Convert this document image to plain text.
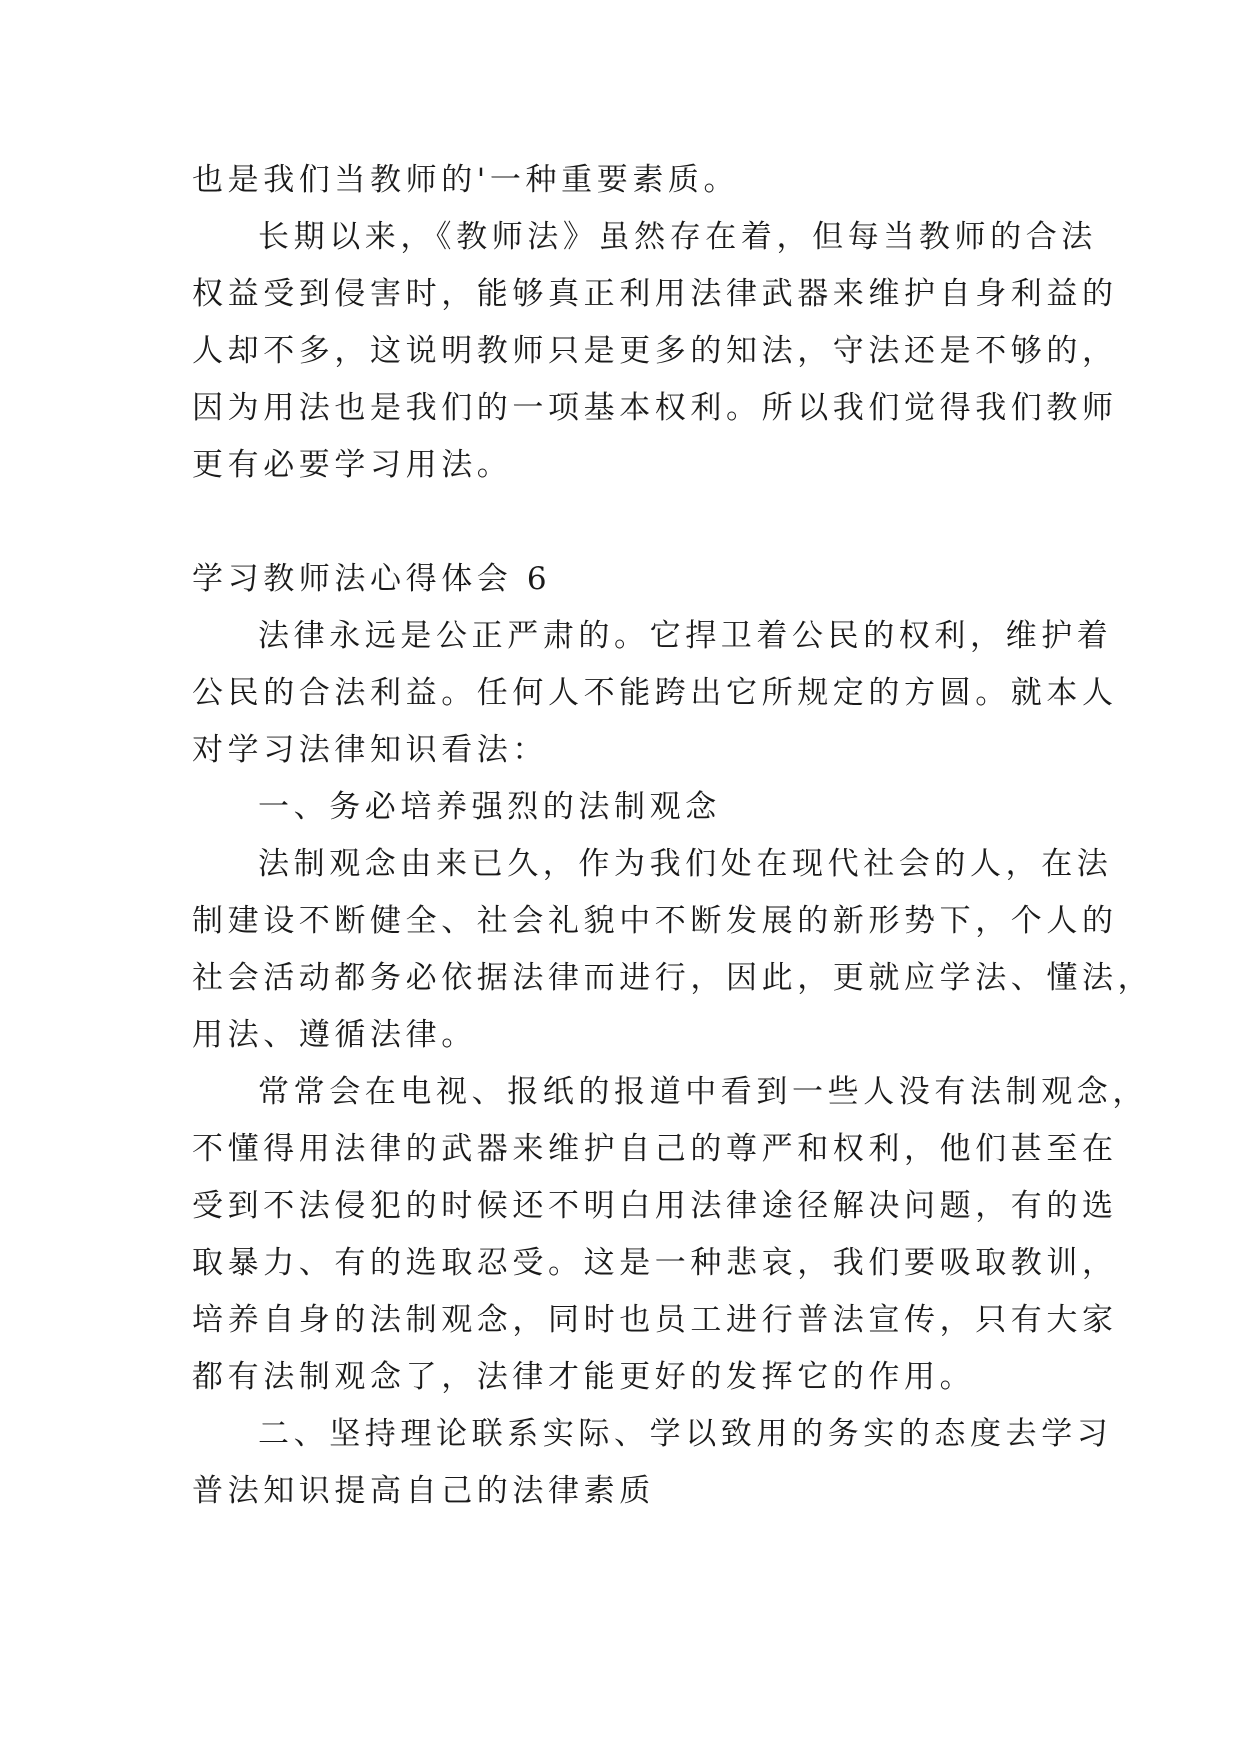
也是我们当教师的'一种重要素质。
长期以来，《教师法》虽然存在着，但每当教师的合法
权益受到侵害时，能够真正利用法律武器来维护自身利益的
人却不多，这说明教师只是更多的知法，守法还是不够的，
因为用法也是我们的一项基本权利。所以我们觉得我们教师
更有必要学习用法。
学习教师法心得体会 6
法律永远是公正严肃的。它捍卫着公民的权利，维护着
公民的合法利益。任何人不能跨出它所规定的方圆。就本人
对学习法律知识看法：
一、务必培养强烈的法制观念
法制观念由来已久，作为我们处在现代社会的人，在法
制建设不断健全、社会礼貌中不断发展的新形势下，个人的
社会活动都务必依据法律而进行，因此，更就应学法、懂法，
用法、遵循法律。
常常会在电视、报纸的报道中看到一些人没有法制观念，
不懂得用法律的武器来维护自己的尊严和权利，他们甚至在
受到不法侵犯的时候还不明白用法律途径解决问题，有的选
取暴力、有的选取忍受。这是一种悲哀，我们要吸取教训，
培养自身的法制观念，同时也员工进行普法宣传，只有大家
都有法制观念了，法律才能更好的发挥它的作用。
二、坚持理论联系实际、学以致用的务实的态度去学习
普法知识提高自己的法律素质
